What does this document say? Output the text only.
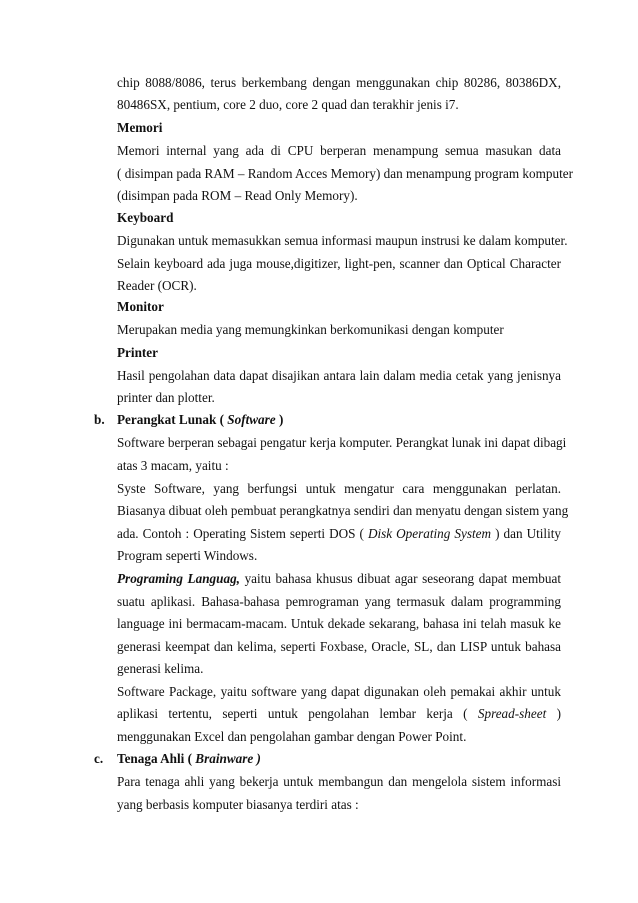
chip 8088/8086, terus berkembang dengan menggunakan chip 80286, 80386DX,
80486SX, pentium, core 2 duo, core 2 quad dan terakhir jenis i7.
Memori
Memori internal yang ada di CPU berperan menampung semua masukan data
( disimpan pada RAM – Random Acces Memory) dan menampung program komputer
(disimpan pada ROM – Read Only Memory).
Keyboard
Digunakan untuk memasukkan semua informasi maupun instrusi ke dalam komputer.
Selain keyboard ada juga mouse,digitizer, light-pen, scanner dan Optical Character
Reader (OCR).
Monitor
Merupakan media yang memungkinkan berkomunikasi dengan komputer
Printer
Hasil pengolahan data dapat disajikan antara lain dalam media cetak yang jenisnya
printer dan plotter.
b. Perangkat Lunak ( Software )
Software berperan sebagai pengatur kerja komputer. Perangkat lunak ini dapat dibagi
atas 3 macam, yaitu :
Syste Software, yang berfungsi untuk mengatur cara menggunakan perlatan.
Biasanya dibuat oleh pembuat perangkatnya sendiri dan menyatu dengan sistem yang
ada. Contoh : Operating Sistem seperti DOS ( Disk Operating System ) dan Utility
Program seperti Windows.
Programing Languag, yaitu bahasa khusus dibuat agar seseorang dapat membuat
suatu aplikasi. Bahasa-bahasa pemrograman yang termasuk dalam programming
language ini bermacam-macam. Untuk dekade sekarang, bahasa ini telah masuk ke
generasi keempat dan kelima, seperti Foxbase, Oracle, SL, dan LISP untuk bahasa
generasi kelima.
Software Package, yaitu software yang dapat digunakan oleh pemakai akhir untuk
aplikasi tertentu, seperti untuk pengolahan lembar kerja ( Spread-sheet )
menggunakan Excel dan pengolahan gambar dengan Power Point.
c. Tenaga Ahli ( Brainware )
Para tenaga ahli yang bekerja untuk membangun dan mengelola sistem informasi
yang berbasis komputer biasanya terdiri atas :
